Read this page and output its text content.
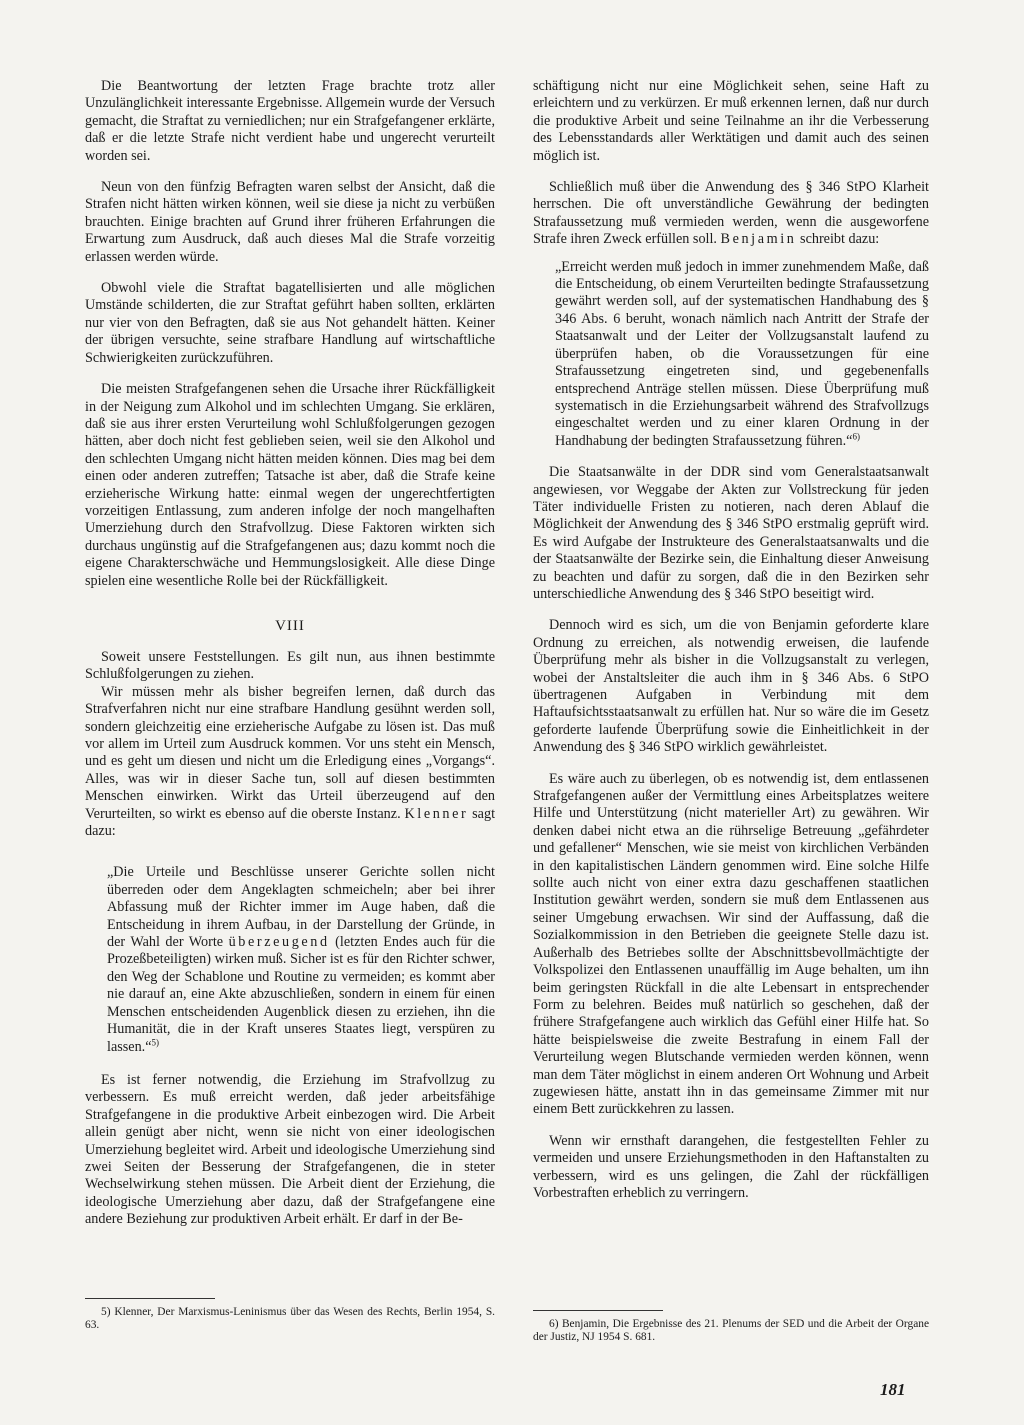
Die Beantwortung der letzten Frage brachte trotz aller Unzulänglichkeit interessante Ergebnisse. Allgemein wurde der Versuch gemacht, die Straftat zu verniedlichen; nur ein Strafgefangener erklärte, daß er die letzte Strafe nicht verdient habe und ungerecht verurteilt worden sei.

Neun von den fünfzig Befragten waren selbst der Ansicht, daß die Strafen nicht hätten wirken können, weil sie diese ja nicht zu verbüßen brauchten. Einige brachten auf Grund ihrer früheren Erfahrungen die Erwartung zum Ausdruck, daß auch dieses Mal die Strafe vorzeitig erlassen werden würde.

Obwohl viele die Straftat bagatellisierten und alle möglichen Umstände schilderten, die zur Straftat geführt haben sollten, erklärten nur vier von den Befragten, daß sie aus Not gehandelt hätten. Keiner der übrigen versuchte, seine strafbare Handlung auf wirtschaftliche Schwierigkeiten zurückzuführen.

Die meisten Strafgefangenen sehen die Ursache ihrer Rückfälligkeit in der Neigung zum Alkohol und im schlechten Umgang. Sie erklären, daß sie aus ihrer ersten Verurteilung wohl Schlußfolgerungen gezogen hätten, aber doch nicht fest geblieben seien, weil sie den Alkohol und den schlechten Umgang nicht hätten meiden können. Dies mag bei dem einen oder anderen zutreffen; Tatsache ist aber, daß die Strafe keine erzieherische Wirkung hatte: einmal wegen der ungerechtfertigten vorzeitigen Entlassung, zum anderen infolge der noch mangelhaften Umerziehung durch den Strafvollzug. Diese Faktoren wirkten sich durchaus ungünstig auf die Strafgefangenen aus; dazu kommt noch die eigene Charakterschwäche und Hemmungslosigkeit. Alle diese Dinge spielen eine wesentliche Rolle bei der Rückfälligkeit.

VIII

Soweit unsere Feststellungen. Es gilt nun, aus ihnen bestimmte Schlußfolgerungen zu ziehen.

Wir müssen mehr als bisher begreifen lernen, daß durch das Strafverfahren nicht nur eine strafbare Handlung gesühnt werden soll, sondern gleichzeitig eine erzieherische Aufgabe zu lösen ist. Das muß vor allem im Urteil zum Ausdruck kommen. Vor uns steht ein Mensch, und es geht um diesen und nicht um die Erledigung eines „Vorgangs“. Alles, was wir in dieser Sache tun, soll auf diesen bestimmten Menschen einwirken. Wirkt das Urteil überzeugend auf den Verurteilten, so wirkt es ebenso auf die oberste Instanz. Klenner sagt dazu:

„Die Urteile und Beschlüsse unserer Gerichte sollen nicht überreden oder dem Angeklagten schmeicheln; aber bei ihrer Abfassung muß der Richter immer im Auge haben, daß die Entscheidung in ihrem Aufbau, in der Darstellung der Gründe, in der Wahl der Worte überzeugend (letzten Endes auch für die Prozeßbeteiligten) wirken muß. Sicher ist es für den Richter schwer, den Weg der Schablone und Routine zu vermeiden; es kommt aber nie darauf an, eine Akte abzuschließen, sondern in einem für einen Menschen entscheidenden Augenblick diesen zu erziehen, ihn die Humanität, die in der Kraft unseres Staates liegt, verspüren zu lassen.“$^{5)}$

Es ist ferner notwendig, die Erziehung im Strafvollzug zu verbessern. Es muß erreicht werden, daß jeder arbeitsfähige Strafgefangene in die produktive Arbeit einbezogen wird. Die Arbeit allein genügt aber nicht, wenn sie nicht von einer ideologischen Umerziehung begleitet wird. Arbeit und ideologische Umerziehung sind zwei Seiten der Besserung der Strafgefangenen, die in steter Wechselwirkung stehen müssen. Die Arbeit dient der Erziehung, die ideologische Umerziehung aber dazu, daß der Strafgefangene eine andere Beziehung zur produktiven Arbeit erhält. Er darf in der Be-

5) Klenner, Der Marxismus-Leninismus über das Wesen des Rechts, Berlin 1954, S. 63.

schäftigung nicht nur eine Möglichkeit sehen, seine Haft zu erleichtern und zu verkürzen. Er muß erkennen lernen, daß nur durch die produktive Arbeit und seine Teilnahme an ihr die Verbesserung des Lebensstandards aller Werktätigen und damit auch des seinen möglich ist.

Schließlich muß über die Anwendung des § 346 StPO Klarheit herrschen. Die oft unverständliche Gewährung der bedingten Strafaussetzung muß vermieden werden, wenn die ausgeworfene Strafe ihren Zweck erfüllen soll. Benjamin schreibt dazu:

„Erreicht werden muß jedoch in immer zunehmendem Maße, daß die Entscheidung, ob einem Verurteilten bedingte Strafaussetzung gewährt werden soll, auf der systematischen Handhabung des § 346 Abs. 6 beruht, wonach nämlich nach Antritt der Strafe der Staatsanwalt und der Leiter der Vollzugsanstalt laufend zu überprüfen haben, ob die Voraussetzungen für eine Strafaussetzung eingetreten sind, und gegebenenfalls entsprechend Anträge stellen müssen. Diese Überprüfung muß systematisch in die Erziehungsarbeit während des Strafvollzugs eingeschaltet werden und zu einer klaren Ordnung in der Handhabung der bedingten Strafaussetzung führen.“$^{6)}$

Die Staatsanwälte in der DDR sind vom Generalstaatsanwalt angewiesen, vor Weggabe der Akten zur Vollstreckung für jeden Täter individuelle Fristen zu notieren, nach deren Ablauf die Möglichkeit der Anwendung des § 346 StPO erstmalig geprüft wird. Es wird Aufgabe der Instrukteure des Generalstaatsanwalts und die der Staatsanwälte der Bezirke sein, die Einhaltung dieser Anweisung zu beachten und dafür zu sorgen, daß die in den Bezirken sehr unterschiedliche Anwendung des § 346 StPO beseitigt wird.

Dennoch wird es sich, um die von Benjamin geforderte klare Ordnung zu erreichen, als notwendig erweisen, die laufende Überprüfung mehr als bisher in die Vollzugsanstalt zu verlegen, wobei der Anstaltsleiter die auch ihm in § 346 Abs. 6 StPO übertragenen Aufgaben in Verbindung mit dem Haftaufsichtsstaatsanwalt zu erfüllen hat. Nur so wäre die im Gesetz geforderte laufende Überprüfung sowie die Einheitlichkeit in der Anwendung des § 346 StPO wirklich gewährleistet.

Es wäre auch zu überlegen, ob es notwendig ist, dem entlassenen Strafgefangenen außer der Vermittlung eines Arbeitsplatzes weitere Hilfe und Unterstützung (nicht materieller Art) zu gewähren. Wir denken dabei nicht etwa an die rührselige Betreuung „gefährdeter und gefallener“ Menschen, wie sie meist von kirchlichen Verbänden in den kapitalistischen Ländern genommen wird. Eine solche Hilfe sollte auch nicht von einer extra dazu geschaffenen staatlichen Institution gewährt werden, sondern sie muß dem Entlassenen aus seiner Umgebung erwachsen. Wir sind der Auffassung, daß die Sozialkommission in den Betrieben die geeignete Stelle dazu ist. Außerhalb des Betriebes sollte der Abschnittsbevollmächtigte der Volkspolizei den Entlassenen unauffällig im Auge behalten, um ihn beim geringsten Rückfall in die alte Lebensart in entsprechender Form zu belehren. Beides muß natürlich so geschehen, daß der frühere Strafgefangene auch wirklich das Gefühl einer Hilfe hat. So hätte beispielsweise die zweite Bestrafung in einem Fall der Verurteilung wegen Blutschande vermieden werden können, wenn man dem Täter möglichst in einem anderen Ort Wohnung und Arbeit zugewiesen hätte, anstatt ihn in das gemeinsame Zimmer mit nur einem Bett zurückkehren zu lassen.

Wenn wir ernsthaft darangehen, die festgestellten Fehler zu vermeiden und unsere Erziehungsmethoden in den Haftanstalten zu verbessern, wird es uns gelingen, die Zahl der rückfälligen Vorbestraften erheblich zu verringern.

6) Benjamin, Die Ergebnisse des 21. Plenums der SED und die Arbeit der Organe der Justiz, NJ 1954 S. 681.

181
